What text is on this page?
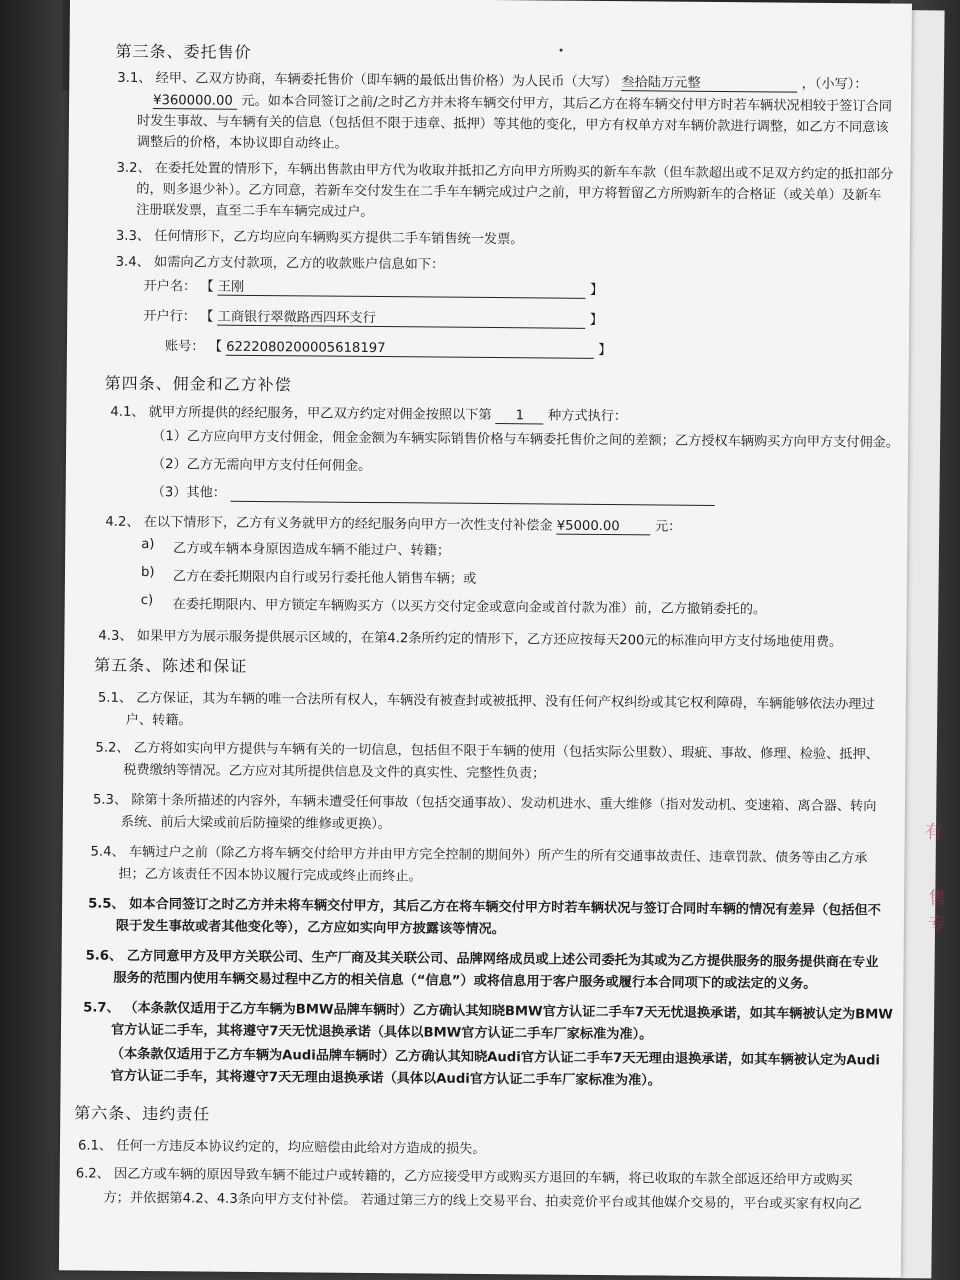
第三条、委托售价
3.1、 经甲、乙双方协商，车辆委托售价（即车辆的最低出售价格）为人民币（大写） 叁拾陆万元整	，（小写）：
¥360000.00 元。如本合同签订之前/之时乙方并未将车辆交付甲方，其后乙方在将车辆交付甲方时若车辆状况相较于签订合同
时发生事故、与车辆有关的信息（包括但不限于违章、抵押）等其他的变化，甲方有权单方对车辆价款进行调整，如乙方不同意该
调整后的价格，本协议即自动终止。
3.2、 在委托处置的情形下，车辆出售款由甲方代为收取并抵扣乙方向甲方所购买的新车车款（但车款超出或不足双方约定的抵扣部分
的，则多退少补）。乙方同意，若新车交付发生在二手车车辆完成过户之前，甲方将暂留乙方所购新车的合格证（或关单）及新车
注册联发票，直至二手车车辆完成过户。
3.3、 任何情形下，乙方均应向车辆购买方提供二手车销售统一发票。
3.4、 如需向乙方支付款项，乙方的收款账户信息如下：
开户名： 【 王刚	】
开户行： 【 工商银行翠微路西四环支行	】
账号： 【 6222080200005618197	】
第四条、佣金和乙方补偿
4.1、 就甲方所提供的经纪服务，甲乙双方约定对佣金按照以下第 1 种方式执行：
（1）乙方应向甲方支付佣金，佣金金额为车辆实际销售价格与车辆委托售价之间的差额；乙方授权车辆购买方向甲方支付佣金。
（2）乙方无需向甲方支付任何佣金。
（3）其他：
4.2、 在以下情形下，乙方有义务就甲方的经纪服务向甲方一次性支付补偿金 ¥5000.00	元：
a) 乙方或车辆本身原因造成车辆不能过户、转籍；
b) 乙方在委托期限内自行或另行委托他人销售车辆；或
c) 在委托期限内、甲方锁定车辆购买方（以买方交付定金或意向金或首付款为准）前，乙方撤销委托的。
4.3、 如果甲方为展示服务提供展示区域的，在第4.2条所约定的情形下，乙方还应按每天200元的标准向甲方支付场地使用费。
第五条、陈述和保证
5.1、 乙方保证，其为车辆的唯一合法所有权人，车辆没有被查封或被抵押、没有任何产权纠纷或其它权利障碍，车辆能够依法办理过
户、转籍。
5.2、 乙方将如实向甲方提供与车辆有关的一切信息，包括但不限于车辆的使用（包括实际公里数）、瑕疵、事故、修理、检验、抵押、
税费缴纳等情况。乙方应对其所提供信息及文件的真实性、完整性负责；
5.3、 除第十条所描述的内容外，车辆未遭受任何事故（包括交通事故）、发动机进水、重大维修（指对发动机、变速箱、离合器、转向
系统、前后大梁或前后防撞梁的维修或更换）。
5.4、 车辆过户之前（除乙方将车辆交付给甲方并由甲方完全控制的期间外）所产生的所有交通事故责任、违章罚款、债务等由乙方承
担；乙方该责任不因本协议履行完成或终止而终止。
5.5、 如本合同签订之时乙方并未将车辆交付甲方，其后乙方在将车辆交付甲方时若车辆状况与签订合同时车辆的情况有差异（包括但不
限于发生事故或者其他变化等），乙方应如实向甲方披露该等情况。
5.6、 乙方同意甲方及甲方关联公司、生产厂商及其关联公司、品牌网络成员或上述公司委托为其或为乙方提供服务的服务提供商在专业
服务的范围内使用车辆交易过程中乙方的相关信息（“信息”）或将信息用于客户服务或履行本合同项下的或法定的义务。
5.7、 （本条款仅适用于乙方车辆为BMW品牌车辆时）乙方确认其知晓BMW官方认证二手车7天无忧退换承诺，如其车辆被认定为BMW
官方认证二手车，其将遵守7天无忧退换承诺（具体以BMW官方认证二手车厂家标准为准）。
（本条款仅适用于乙方车辆为Audi品牌车辆时）乙方确认其知晓Audi官方认证二手车7天无理由退换承诺，如其车辆被认定为Audi
官方认证二手车，其将遵守7天无理由退换承诺（具体以Audi官方认证二手车厂家标准为准）。
第六条、违约责任
6.1、 任何一方违反本协议约定的，均应赔偿由此给对方造成的损失。
6.2、 因乙方或车辆的原因导致车辆不能过户或转籍的，乙方应接受甲方或购买方退回的车辆，将已收取的车款全部返还给甲方或购买
方；并依据第4.2、4.3条向甲方支付补偿。 若通过第三方的线上交易平台、拍卖竞价平台或其他媒介交易的，平台或买家有权向乙
有
售专
